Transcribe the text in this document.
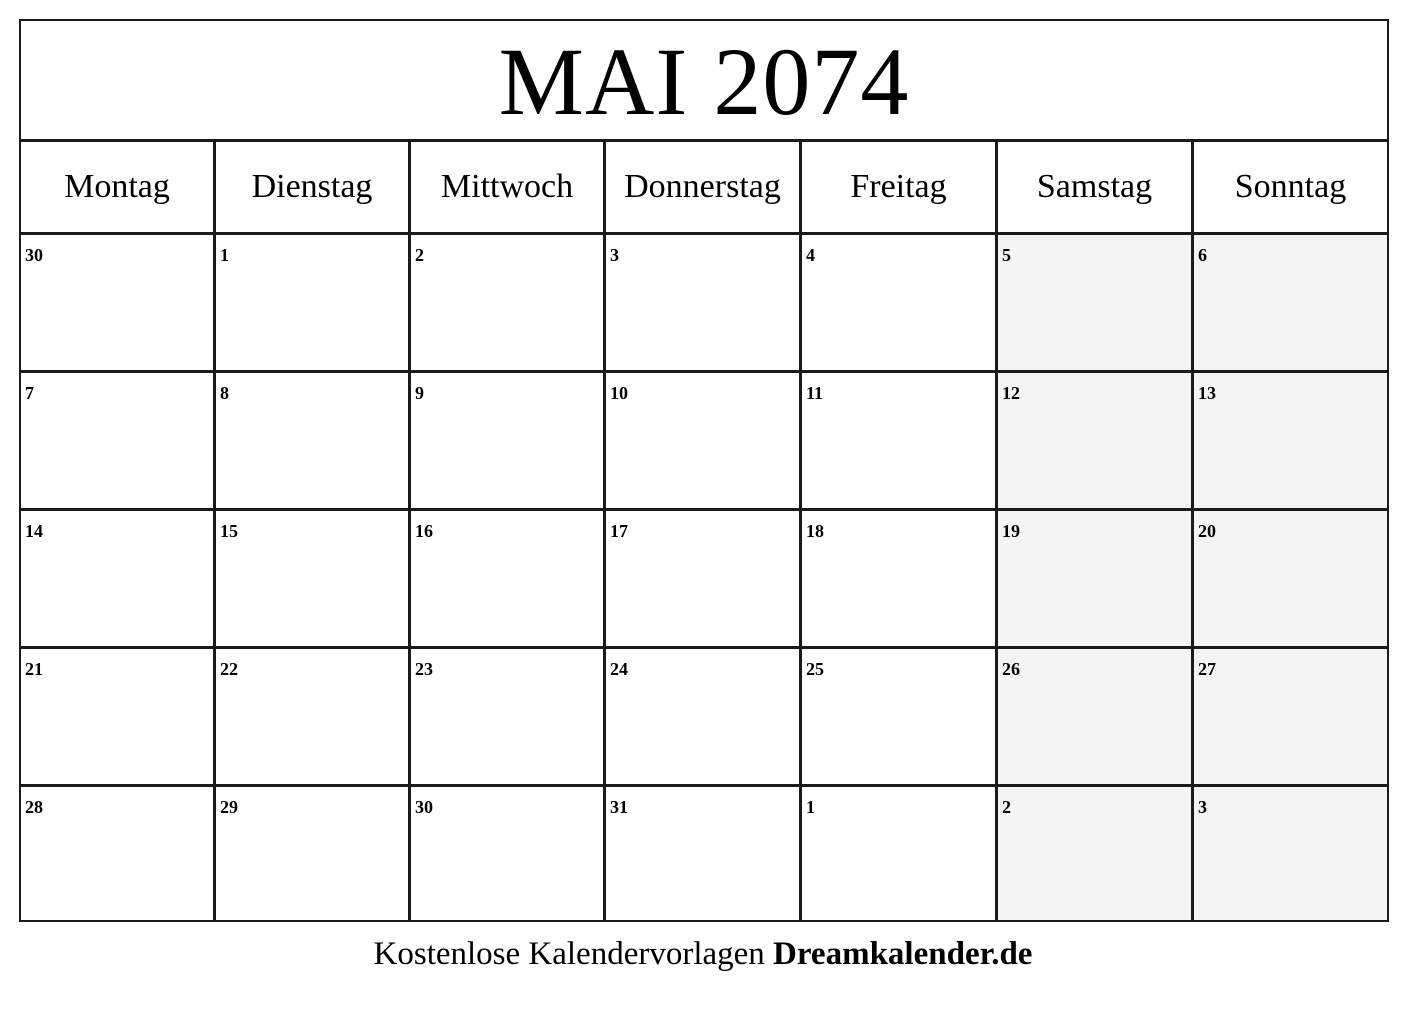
MAI 2074
Montag Dienstag Mittwoch Donnerstag Freitag	Samstag Sonntag
30	1	2	3	4	5	6
7	8	9	10	11	12	13
14	15	16	17	18	19	20
21	22	23	24	25	26	27
28	29	30	31	1	2	3
Kostenlose Kalendervorlagen Dreamkalender.de
